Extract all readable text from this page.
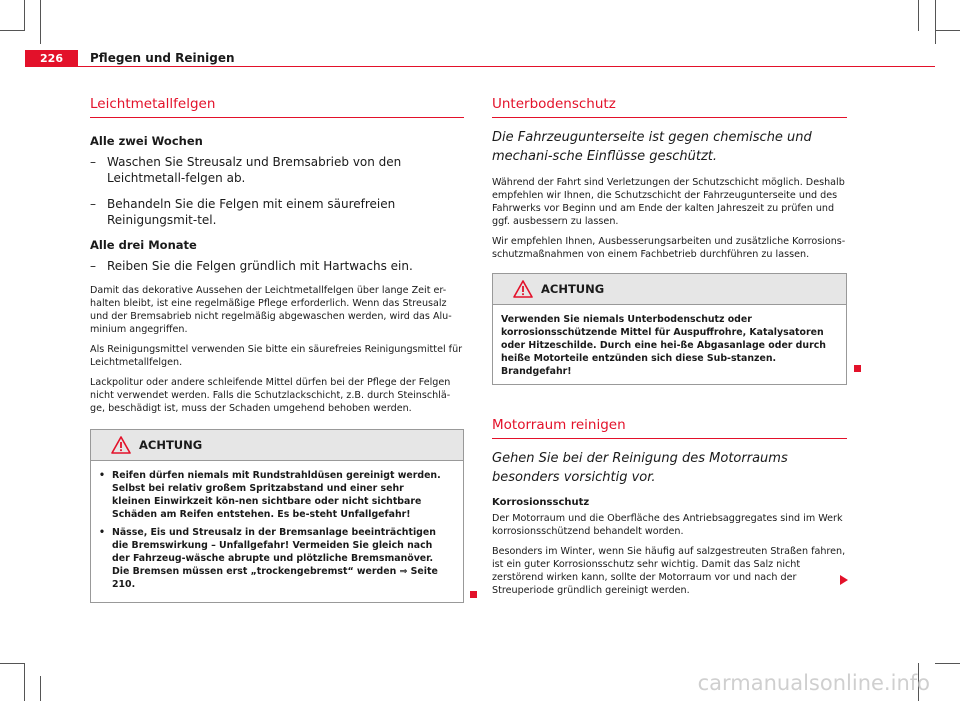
226	Pflegen und Reinigen
Leichtmetallfelgen
Alle zwei Wochen
– Waschen Sie Streusalz und Bremsabrieb von den Leichtmetall-felgen ab.
– Behandeln Sie die Felgen mit einem säurefreien Reinigungsmit-tel.
Alle drei Monate
– Reiben Sie die Felgen gründlich mit Hartwachs ein.

Damit das dekorative Aussehen der Leichtmetallfelgen über lange Zeit er-halten bleibt, ist eine regelmäßige Pflege erforderlich. Wenn das Streusalz und der Bremsabrieb nicht regelmäßig abgewaschen werden, wird das Alu-minium angegriffen.

Als Reinigungsmittel verwenden Sie bitte ein säurefreies Reinigungsmittel für Leichtmetallfelgen.

Lackpolitur oder andere schleifende Mittel dürfen bei der Pflege der Felgen nicht verwendet werden. Falls die Schutzlackschicht, z.B. durch Steinschlä-ge, beschädigt ist, muss der Schaden umgehend behoben werden.

ACHTUNG
• Reifen dürfen niemals mit Rundstrahldüsen gereinigt werden. Selbst bei relativ großem Spritzabstand und einer sehr kleinen Einwirkzeit kön-nen sichtbare oder nicht sichtbare Schäden am Reifen entstehen. Es be-steht Unfallgefahr!
• Nässe, Eis und Streusalz in der Bremsanlage beeinträchtigen die Bremswirkung – Unfallgefahr! Vermeiden Sie gleich nach der Fahrzeug-wäsche abrupte und plötzliche Bremsmanöver. Die Bremsen müssen erst „trockengebremst“ werden ⇒ Seite 210.
Unterbodenschutz

Die Fahrzeugunterseite ist gegen chemische und mechani-sche Einflüsse geschützt.

Während der Fahrt sind Verletzungen der Schutzschicht möglich. Deshalb empfehlen wir Ihnen, die Schutzschicht der Fahrzeugunterseite und des Fahrwerks vor Beginn und am Ende der kalten Jahreszeit zu prüfen und ggf. ausbessern zu lassen.

Wir empfehlen Ihnen, Ausbesserungsarbeiten und zusätzliche Korrosions-schutzmaßnahmen von einem Fachbetrieb durchführen zu lassen.

ACHTUNG
Verwenden Sie niemals Unterbodenschutz oder korrosionsschützende Mittel für Auspuffrohre, Katalysatoren oder Hitzeschilde. Durch eine hei-ße Abgasanlage oder durch heiße Motorteile entzünden sich diese Sub-stanzen. Brandgefahr!
Motorraum reinigen

Gehen Sie bei der Reinigung des Motorraums besonders vorsichtig vor.

Korrosionsschutz

Der Motorraum und die Oberfläche des Antriebsaggregates sind im Werk korrosionsschützend behandelt worden.

Besonders im Winter, wenn Sie häufig auf salzgestreuten Straßen fahren, ist ein guter Korrosionsschutz sehr wichtig. Damit das Salz nicht zerstörend wirken kann, sollte der Motorraum vor und nach der Streuperiode gründlich gereinigt werden.

carmanualsonline.info
